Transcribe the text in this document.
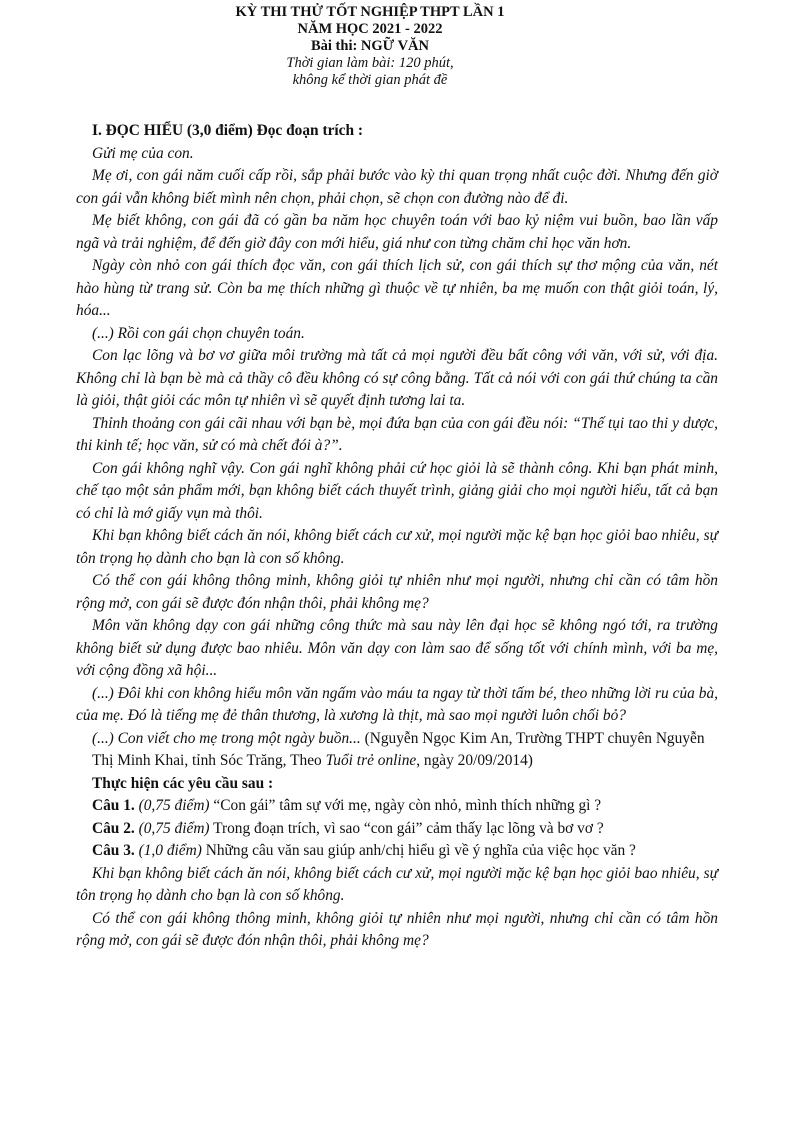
KỲ THI THỬ TỐT NGHIỆP THPT LẦN 1
NĂM HỌC 2021 - 2022
Bài thi: NGỮ VĂN
Thời gian làm bài: 120 phút,
không kể thời gian phát đề

I. ĐỌC HIỂU (3,0 điểm) Đọc đoạn trích :

Gửi mẹ của con.

Mẹ ơi, con gái năm cuối cấp rồi, sắp phải bước vào kỳ thi quan trọng nhất cuộc đời. Nhưng đến giờ con gái vẫn không biết mình nên chọn, phải chọn, sẽ chọn con đường nào để đi.

Mẹ biết không, con gái đã có gần ba năm học chuyên toán với bao kỷ niệm vui buồn, bao lần vấp ngã và trải nghiệm, để đến giờ đây con mới hiểu, giá như con từng chăm chỉ học văn hơn.

Ngày còn nhỏ con gái thích đọc văn, con gái thích lịch sử, con gái thích sự thơ mộng của văn, nét hào hùng từ trang sử. Còn ba mẹ thích những gì thuộc về tự nhiên, ba mẹ muốn con thật giỏi toán, lý, hóa...

(...) Rồi con gái chọn chuyên toán.

Con lạc lõng và bơ vơ giữa môi trường mà tất cả mọi người đều bất công với văn, với sử, với địa. Không chỉ là bạn bè mà cả thầy cô đều không có sự công bằng. Tất cả nói với con gái thứ chúng ta cần là giỏi, thật giỏi các môn tự nhiên vì sẽ quyết định tương lai ta.

Thỉnh thoảng con gái cãi nhau với bạn bè, mọi đứa bạn của con gái đều nói: “Thế tụi tao thi y dược, thi kinh tế; học văn, sử có mà chết đói à?”.

Con gái không nghĩ vậy. Con gái nghĩ không phải cứ học giỏi là sẽ thành công. Khi bạn phát minh, chế tạo một sản phẩm mới, bạn không biết cách thuyết trình, giảng giải cho mọi người hiểu, tất cả bạn có chỉ là mớ giấy vụn mà thôi.

Khi bạn không biết cách ăn nói, không biết cách cư xử, mọi người mặc kệ bạn học giỏi bao nhiêu, sự tôn trọng họ dành cho bạn là con số không.

Có thể con gái không thông minh, không giỏi tự nhiên như mọi người, nhưng chỉ cần có tâm hồn rộng mở, con gái sẽ được đón nhận thôi, phải không mẹ?

Môn văn không dạy con gái những công thức mà sau này lên đại học sẽ không ngó tới, ra trường không biết sử dụng được bao nhiêu. Môn văn dạy con làm sao để sống tốt với chính mình, với ba mẹ, với cộng đồng xã hội...

(...) Đôi khi con không hiểu môn văn ngấm vào máu ta ngay từ thời tấm bé, theo những lời ru của bà, của mẹ. Đó là tiếng mẹ đẻ thân thương, là xương là thịt, mà sao mọi người luôn chối bỏ?

(...) Con viết cho mẹ trong một ngày buồn... (Nguyễn Ngọc Kim An, Trường THPT chuyên Nguyễn Thị Minh Khai, tỉnh Sóc Trăng, Theo Tuổi trẻ online, ngày 20/09/2014)

Thực hiện các yêu cầu sau :

Câu 1. (0,75 điểm) “Con gái” tâm sự với mẹ, ngày còn nhỏ, mình thích những gì ?

Câu 2. (0,75 điểm) Trong đoạn trích, vì sao “con gái” cảm thấy lạc lõng và bơ vơ ?

Câu 3. (1,0 điểm) Những câu văn sau giúp anh/chị hiểu gì về ý nghĩa của việc học văn ?

Khi bạn không biết cách ăn nói, không biết cách cư xử, mọi người mặc kệ bạn học giỏi bao nhiêu, sự tôn trọng họ dành cho bạn là con số không.

Có thể con gái không thông minh, không giỏi tự nhiên như mọi người, nhưng chỉ cần có tâm hồn rộng mở, con gái sẽ được đón nhận thôi, phải không mẹ?
